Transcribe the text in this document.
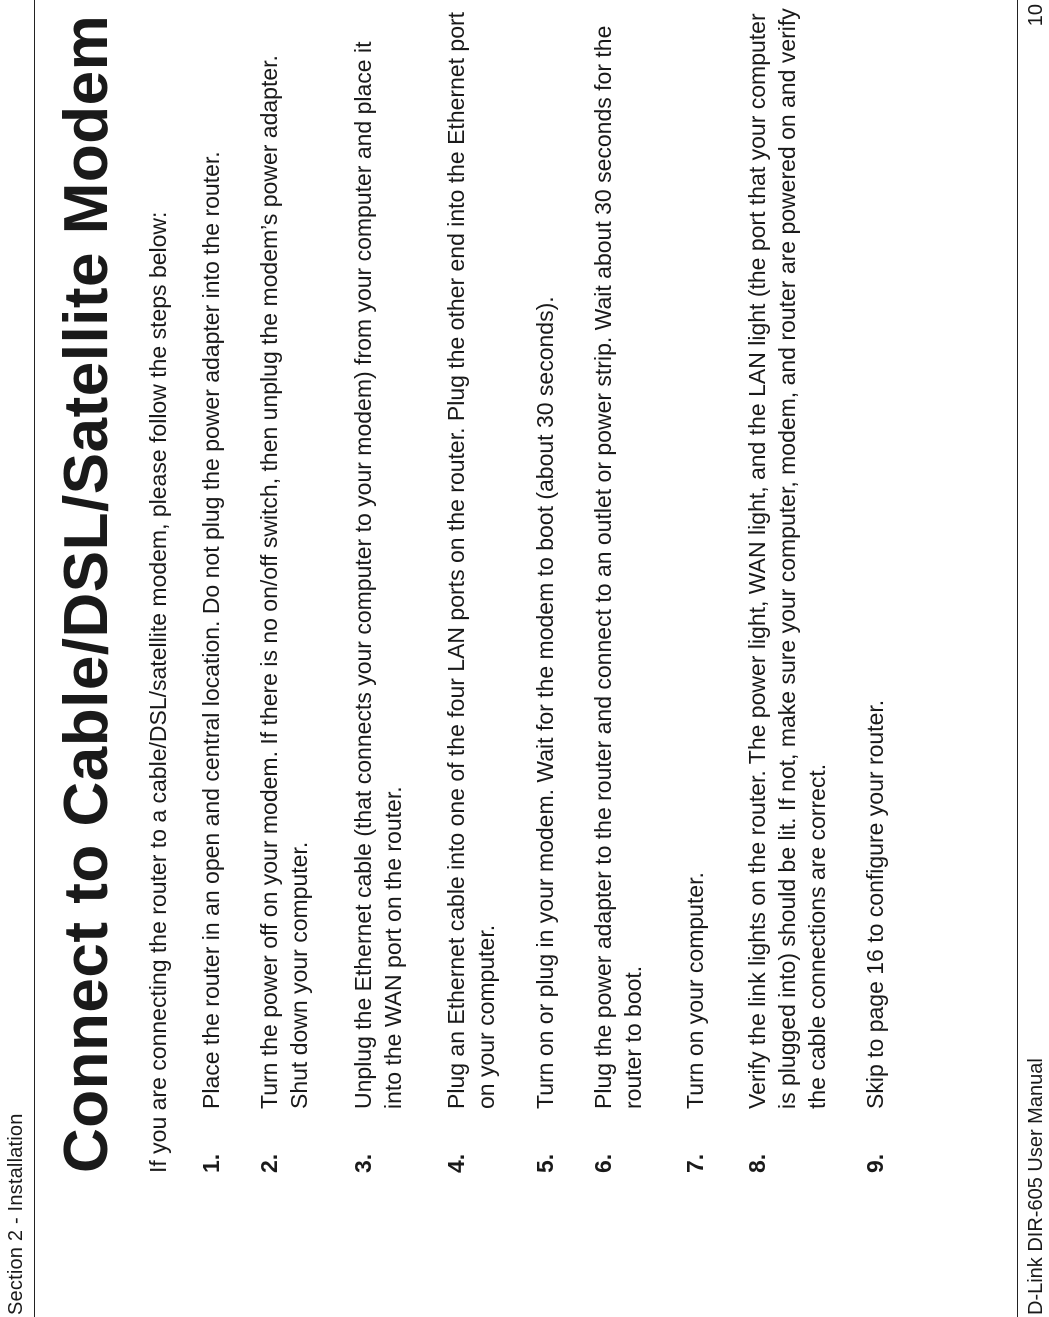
Section 2 - Installation
Connect to Cable/DSL/Satellite Modem If you are connecting the router to a cable/DSL/satellite modem, please follow the steps below: 1.
Place the router in an open and central location. Do not plug the power adapter into the router.
2.
Turn the power off on your modem. If there is no on/off switch, then unplug the modem’s power adapter. Shut down your computer.
3.
Unplug the Ethernet cable (that connects your computer to your modem) from your computer and place it into the WAN port on the router.
4.
Plug an Ethernet cable into one of the four LAN ports on the router. Plug the other end into the Ethernet port on your computer.
5.
Turn on or plug in your modem. Wait for the modem to boot (about 30 seconds).
6.
Plug the power adapter to the router and connect to an outlet or power strip. Wait about 30 seconds for the router to boot.
7.
Turn on your computer.
8.
Verify the link lights on the router. The power light, WAN light, and the LAN light (the port that your computer is plugged into) should be lit. If not, make sure your computer, modem, and router are powered on and verify the cable connections are correct.
9.
Skip to page 16 to configure your router.
D-Link DIR-605 User Manual
10
